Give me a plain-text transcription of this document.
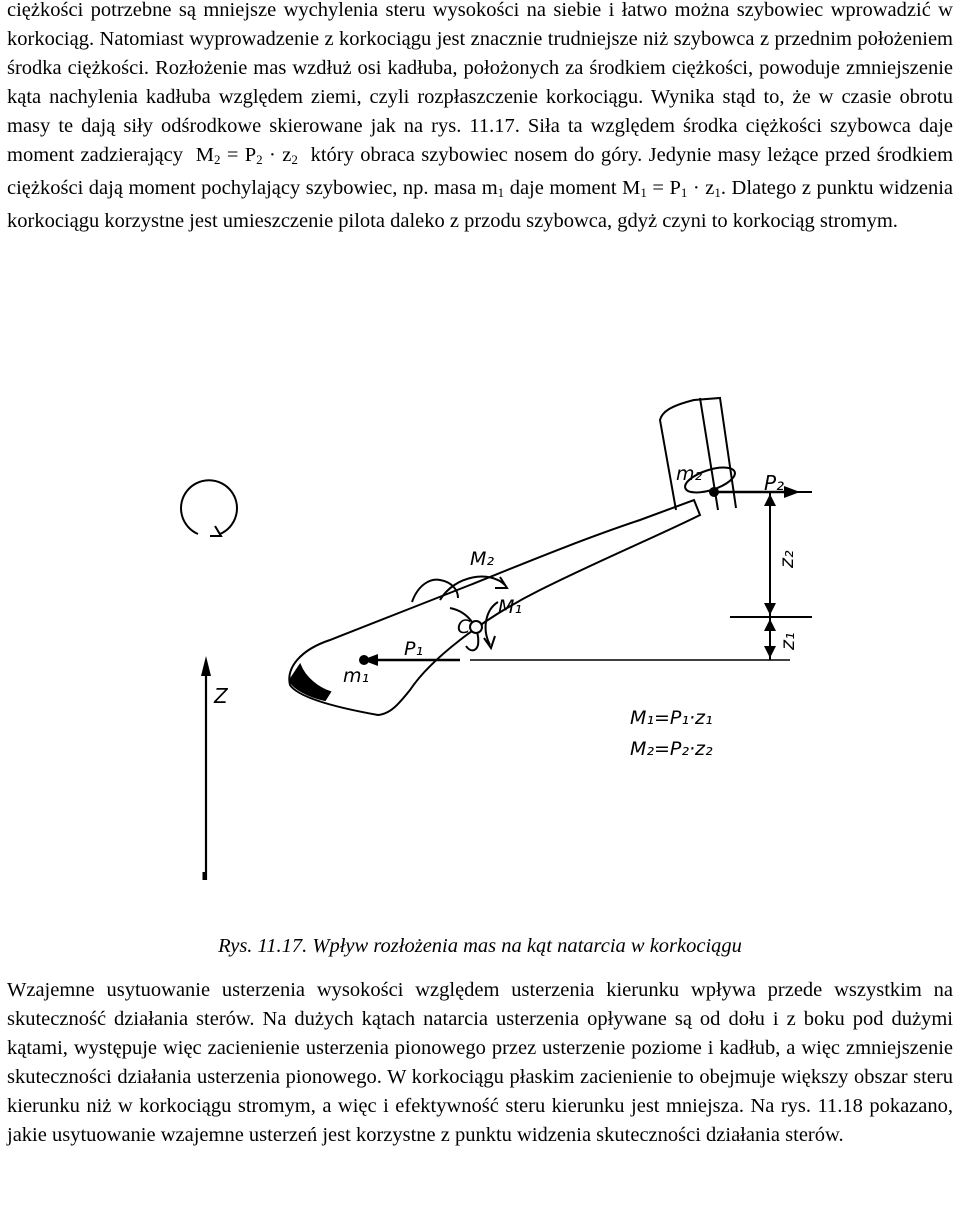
ciężkości potrzebne są mniejsze wychylenia steru wysokości na siebie i łatwo można szybowiec wprowadzić w korkociąg. Natomiast wyprowadzenie z korkociągu jest znacznie trudniejsze niż szybowca z przednim położeniem środka ciężkości. Rozłożenie mas wzdłuż osi kadłuba, położonych za środkiem ciężkości, powoduje zmniejszenie kąta nachylenia kadłuba względem ziemi, czyli rozpłaszczenie korkociągu. Wynika stąd to, że w czasie obrotu masy te dają siły odśrodkowe skierowane jak na rys. 11.17. Siła ta względem środka ciężkości szybowca daje moment zadzierający $M_2 = P_2 \cdot z_2$ który obraca szybowiec nosem do góry. Jedynie masy leżące przed środkiem ciężkości dają moment pochylający szybowiec, np. masa $m_1$ daje moment $M_1 = P_1 \cdot z_1$. Dlatego z punktu widzenia korkociągu korzystne jest umieszczenie pilota daleko z przodu szybowca, gdyż czyni to korkociąg stromym.

Wzajemne usytuowanie usterzenia wysokości względem usterzenia kierunku wpływa przede wszystkim na skuteczność działania sterów. Na dużych kątach natarcia usterzenia opływane są od dołu i z boku pod dużymi kątami, występuje więc zacienienie usterzenia pionowego przez usterzenie poziome i kadłub, a więc zmniejszenie skuteczności działania usterzenia pionowego. W korkociągu płaskim zacienienie to obejmuje większy obszar steru kierunku niż w korkociągu stromym, a więc i efektywność steru kierunku jest mniejsza. Na rys. 11.18 pokazano, jakie usytuowanie wzajemne usterzeń jest korzystne z punktu widzenia skuteczności działania sterów.

Z
m₂	P₂
M₂
M₁
C
P₁
m₁
z₂
z₁
M₁=P₁·z₁
M₂=P₂·z₂
Rys. 11.17. Wpływ rozłożenia mas na kąt natarcia w korkociągu
